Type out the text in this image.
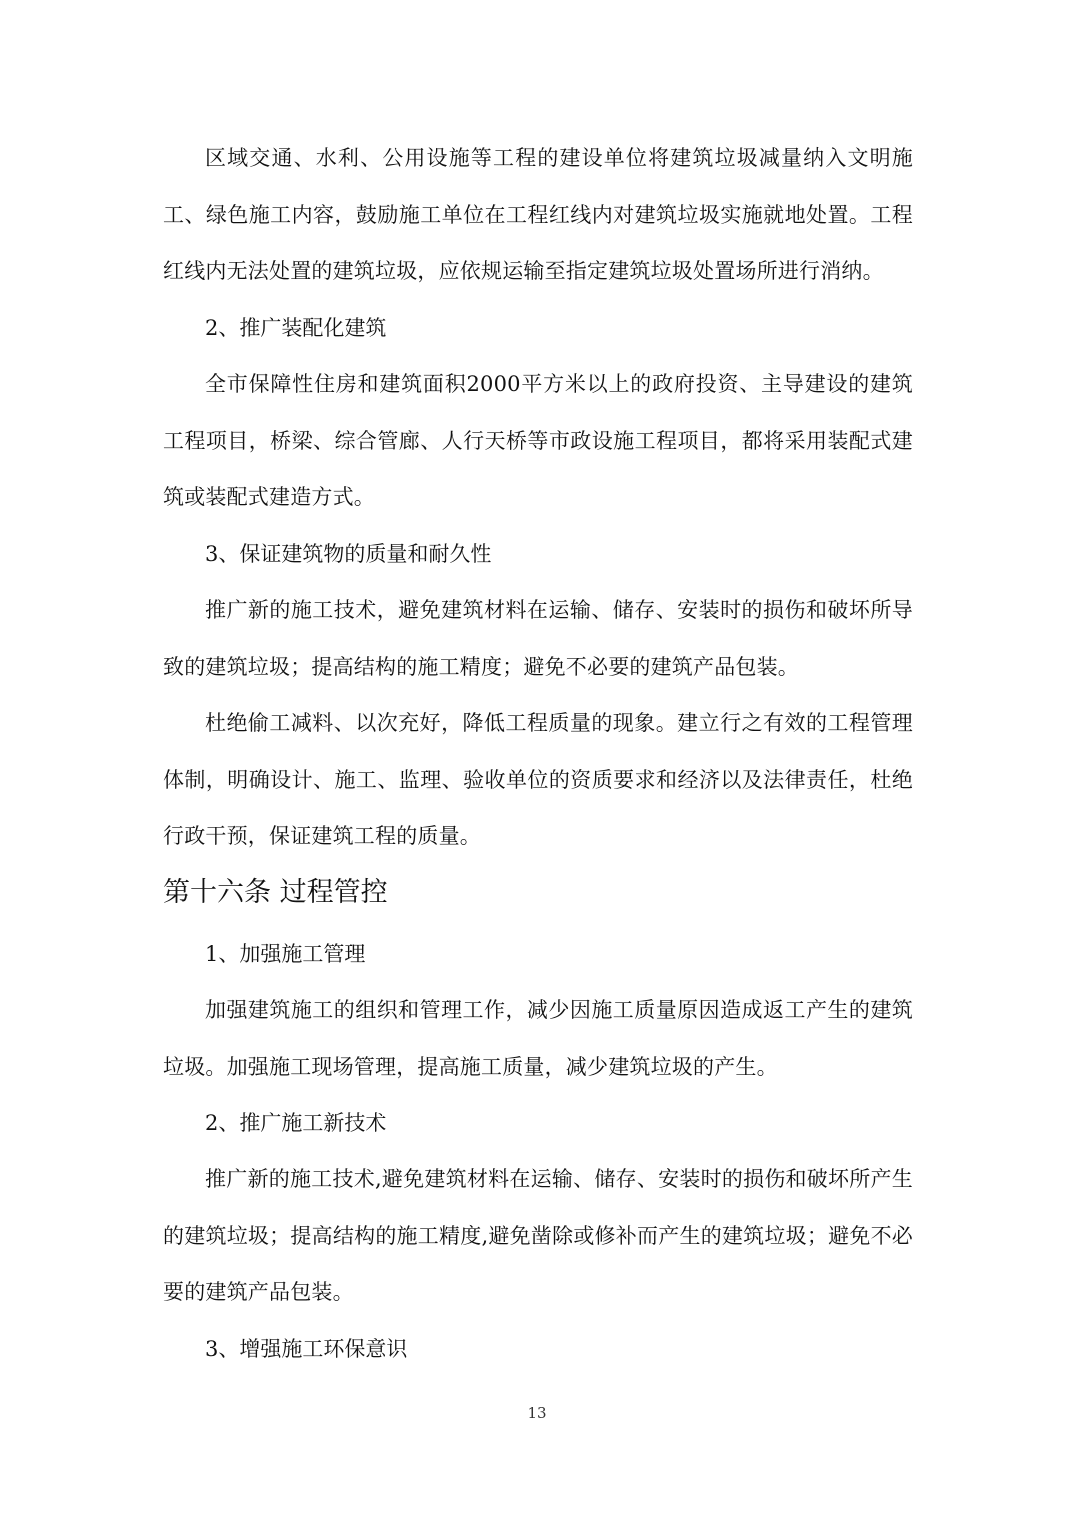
区域交通、水利、公用设施等工程的建设单位将建筑垃圾减量纳入文明施工、绿色施工内容，鼓励施工单位在工程红线内对建筑垃圾实施就地处置。工程红线内无法处置的建筑垃圾，应依规运输至指定建筑垃圾处置场所进行消纳。

2、推广装配化建筑

全市保障性住房和建筑面积2000平方米以上的政府投资、主导建设的建筑工程项目，桥梁、综合管廊、人行天桥等市政设施工程项目，都将采用装配式建筑或装配式建造方式。

3、保证建筑物的质量和耐久性

推广新的施工技术，避免建筑材料在运输、储存、安装时的损伤和破坏所导致的建筑垃圾；提高结构的施工精度；避免不必要的建筑产品包装。

杜绝偷工减料、以次充好，降低工程质量的现象。建立行之有效的工程管理体制，明确设计、施工、监理、验收单位的资质要求和经济以及法律责任，杜绝行政干预，保证建筑工程的质量。

第十六条 过程管控

1、加强施工管理

加强建筑施工的组织和管理工作，减少因施工质量原因造成返工产生的建筑垃圾。加强施工现场管理，提高施工质量，减少建筑垃圾的产生。

2、推广施工新技术

推广新的施工技术,避免建筑材料在运输、储存、安装时的损伤和破坏所产生的建筑垃圾；提高结构的施工精度,避免凿除或修补而产生的建筑垃圾；避免不必要的建筑产品包装。

3、增强施工环保意识

13
